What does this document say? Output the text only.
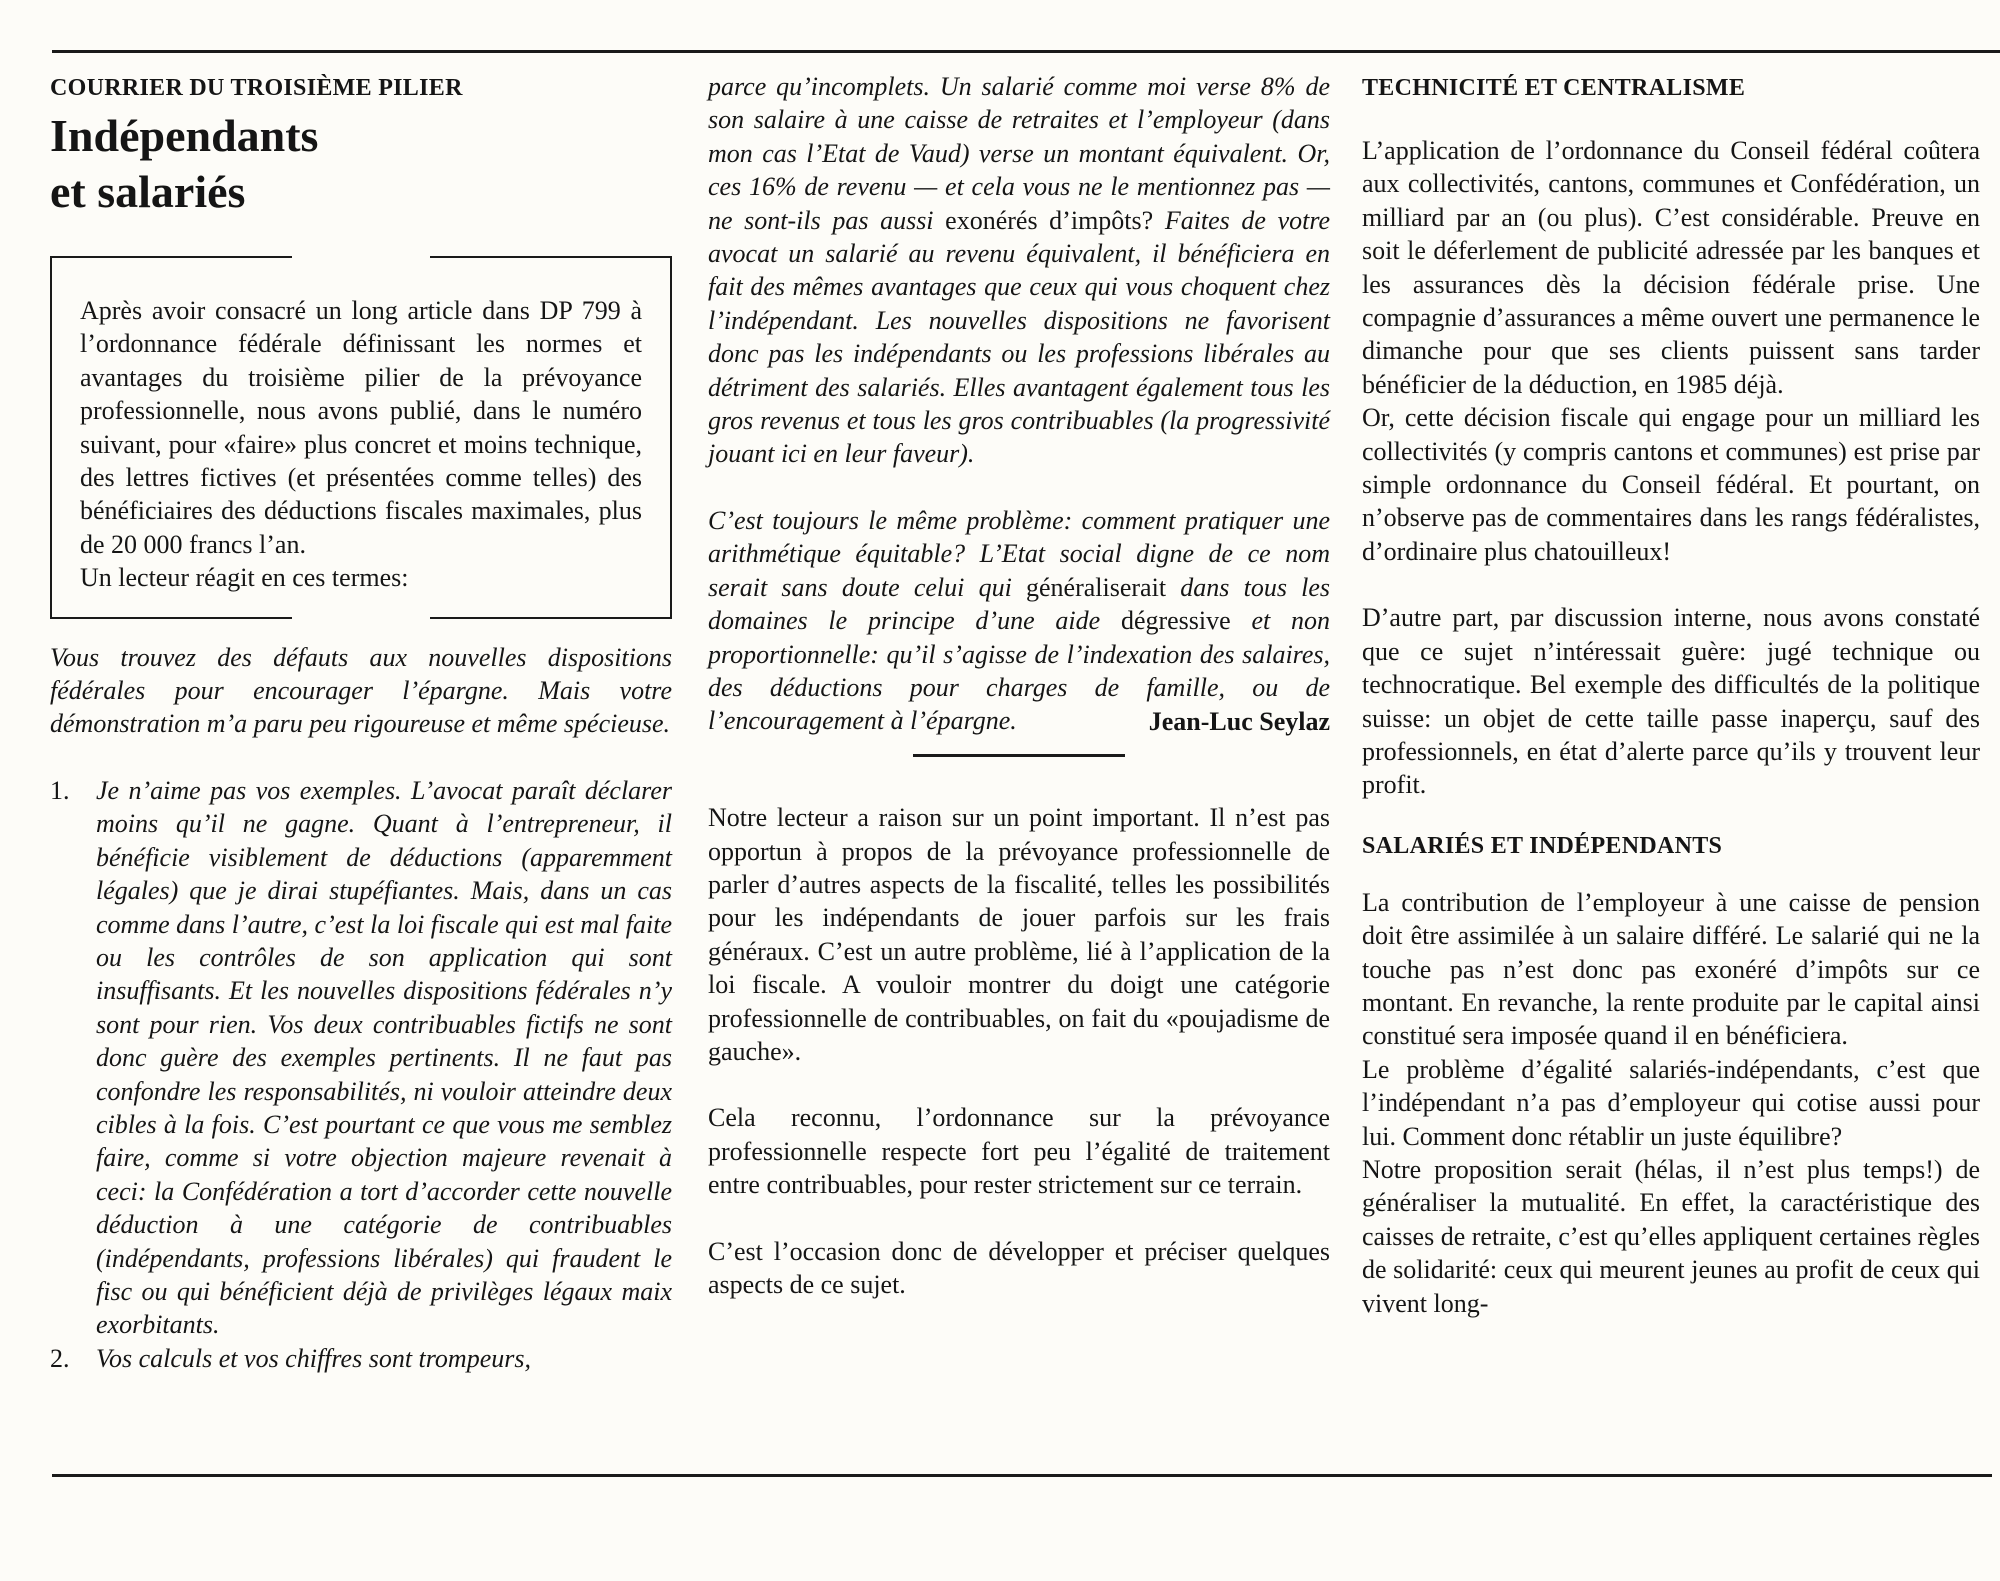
COURRIER DU TROISIÈME PILIER
Indépendants
et salariés

Après avoir consacré un long article dans DP 799 à l’ordonnance fédérale définissant les normes et avantages du troisième pilier de la prévoyance professionnelle, nous avons publié, dans le numéro suivant, pour «faire» plus concret et moins technique, des lettres fictives (et présentées comme telles) des bénéficiaires des déductions fiscales maximales, plus de 20 000 francs l’an.

Un lecteur réagit en ces termes:

Vous trouvez des défauts aux nouvelles dispositions fédérales pour encourager l’épargne. Mais votre démonstration m’a paru peu rigoureuse et même spécieuse.

1.	Je n’aime pas vos exemples. L’avocat paraît déclarer moins qu’il ne gagne. Quant à l’entrepreneur, il bénéficie visiblement de déductions (apparemment légales) que je dirai stupéfiantes. Mais, dans un cas comme dans l’autre, c’est la loi fiscale qui est mal faite ou les contrôles de son application qui sont insuffisants. Et les nouvelles dispositions fédérales n’y sont pour rien. Vos deux contribuables fictifs ne sont donc guère des exemples pertinents. Il ne faut pas confondre les responsabilités, ni vouloir atteindre deux cibles à la fois. C’est pourtant ce que vous me semblez faire, comme si votre objection majeure revenait à ceci: la Confédération a tort d’accorder cette nouvelle déduction à une catégorie de contribuables (indépendants, professions libérales) qui fraudent le fisc ou qui bénéficient déjà de privilèges légaux maix exorbitants.

2.	Vos calculs et vos chiffres sont trompeurs,

parce qu’incomplets. Un salarié comme moi verse 8% de son salaire à une caisse de retraites et l’employeur (dans mon cas l’Etat de Vaud) verse un montant équivalent. Or, ces 16% de revenu — et cela vous ne le mentionnez pas — ne sont-ils pas aussi exonérés d’impôts? Faites de votre avocat un salarié au revenu équivalent, il bénéficiera en fait des mêmes avantages que ceux qui vous choquent chez l’indépendant. Les nouvelles dispositions ne favorisent donc pas les indépendants ou les professions libérales au détriment des salariés. Elles avantagent également tous les gros revenus et tous les gros contribuables (la progressivité jouant ici en leur faveur).

C’est toujours le même problème: comment pratiquer une arithmétique équitable? L’Etat social digne de ce nom serait sans doute celui qui généraliserait dans tous les domaines le principe d’une aide dégressive et non proportionnelle: qu’il s’agisse de l’indexation des salaires, des déductions pour charges de famille, ou de l’encouragement à l’épargne.	Jean-Luc Seylaz

Notre lecteur a raison sur un point important. Il n’est pas opportun à propos de la prévoyance professionnelle de parler d’autres aspects de la fiscalité, telles les possibilités pour les indépendants de jouer parfois sur les frais généraux. C’est un autre problème, lié à l’application de la loi fiscale. A vouloir montrer du doigt une catégorie professionnelle de contribuables, on fait du «poujadisme de gauche».

Cela reconnu, l’ordonnance sur la prévoyance professionnelle respecte fort peu l’égalité de traitement entre contribuables, pour rester strictement sur ce terrain.

C’est l’occasion donc de développer et préciser quelques aspects de ce sujet.

TECHNICITÉ ET CENTRALISME

L’application de l’ordonnance du Conseil fédéral coûtera aux collectivités, cantons, communes et Confédération, un milliard par an (ou plus). C’est considérable. Preuve en soit le déferlement de publicité adressée par les banques et les assurances dès la décision fédérale prise. Une compagnie d’assurances a même ouvert une permanence le dimanche pour que ses clients puissent sans tarder bénéficier de la déduction, en 1985 déjà.

Or, cette décision fiscale qui engage pour un milliard les collectivités (y compris cantons et communes) est prise par simple ordonnance du Conseil fédéral. Et pourtant, on n’observe pas de commentaires dans les rangs fédéralistes, d’ordinaire plus chatouilleux!

D’autre part, par discussion interne, nous avons constaté que ce sujet n’intéressait guère: jugé technique ou technocratique. Bel exemple des difficultés de la politique suisse: un objet de cette taille passe inaperçu, sauf des professionnels, en état d’alerte parce qu’ils y trouvent leur profit.

SALARIÉS ET INDÉPENDANTS

La contribution de l’employeur à une caisse de pension doit être assimilée à un salaire différé. Le salarié qui ne la touche pas n’est donc pas exonéré d’impôts sur ce montant. En revanche, la rente produite par le capital ainsi constitué sera imposée quand il en bénéficiera.

Le problème d’égalité salariés-indépendants, c’est que l’indépendant n’a pas d’employeur qui cotise aussi pour lui. Comment donc rétablir un juste équilibre?

Notre proposition serait (hélas, il n’est plus temps!) de généraliser la mutualité. En effet, la caractéristique des caisses de retraite, c’est qu’elles appliquent certaines règles de solidarité: ceux qui meurent jeunes au profit de ceux qui vivent long-
